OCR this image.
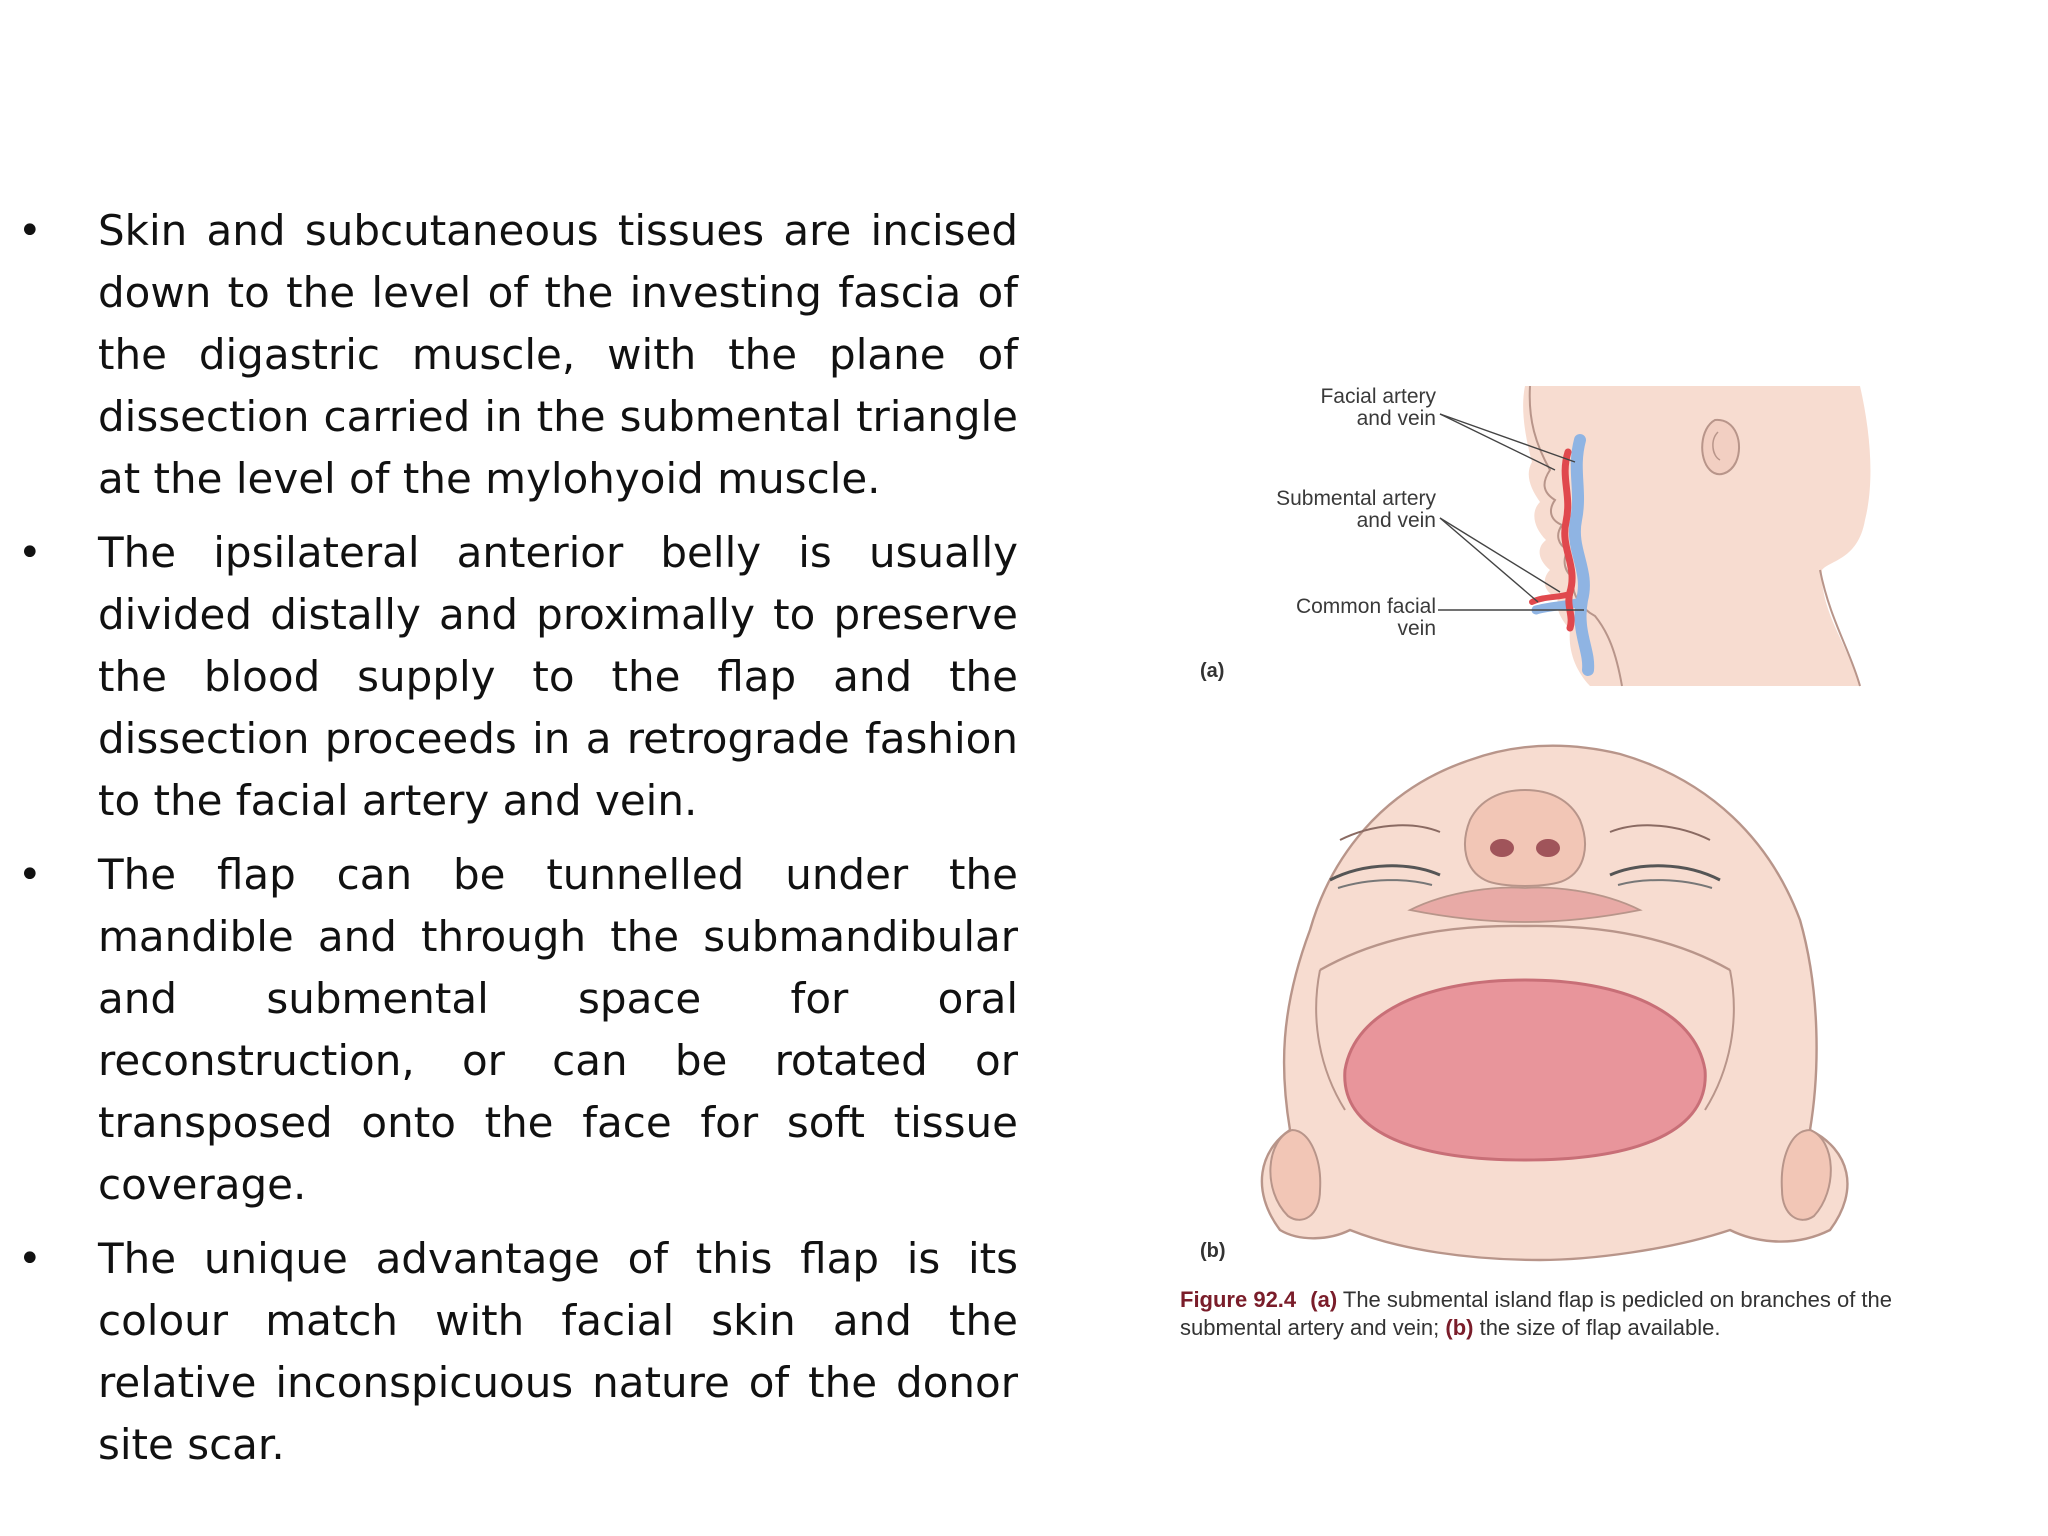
• Skin and subcutaneous tissues are incised down to the level of the investing fascia of the digastric muscle, with the plane of dissection carried in the submental triangle at the level of the mylohyoid muscle.
• The ipsilateral anterior belly is usually divided distally and proximally to preserve the blood supply to the flap and the dissection proceeds in a retrograde fashion to the facial artery and vein.
• The flap can be tunnelled under the mandible and through the submandibular and submental space for oral reconstruction, or can be rotated or transposed onto the face for soft tissue coverage.
• The unique advantage of this flap is its colour match with facial skin and the relative inconspicuous nature of the donor site scar.
Facial artery
and vein
Submental artery
and vein
Common facial
vein
(a)
(b)
Figure 92.4 (a) The submental island flap is pedicled on branches of the submental artery and vein; (b) the size of flap available.
